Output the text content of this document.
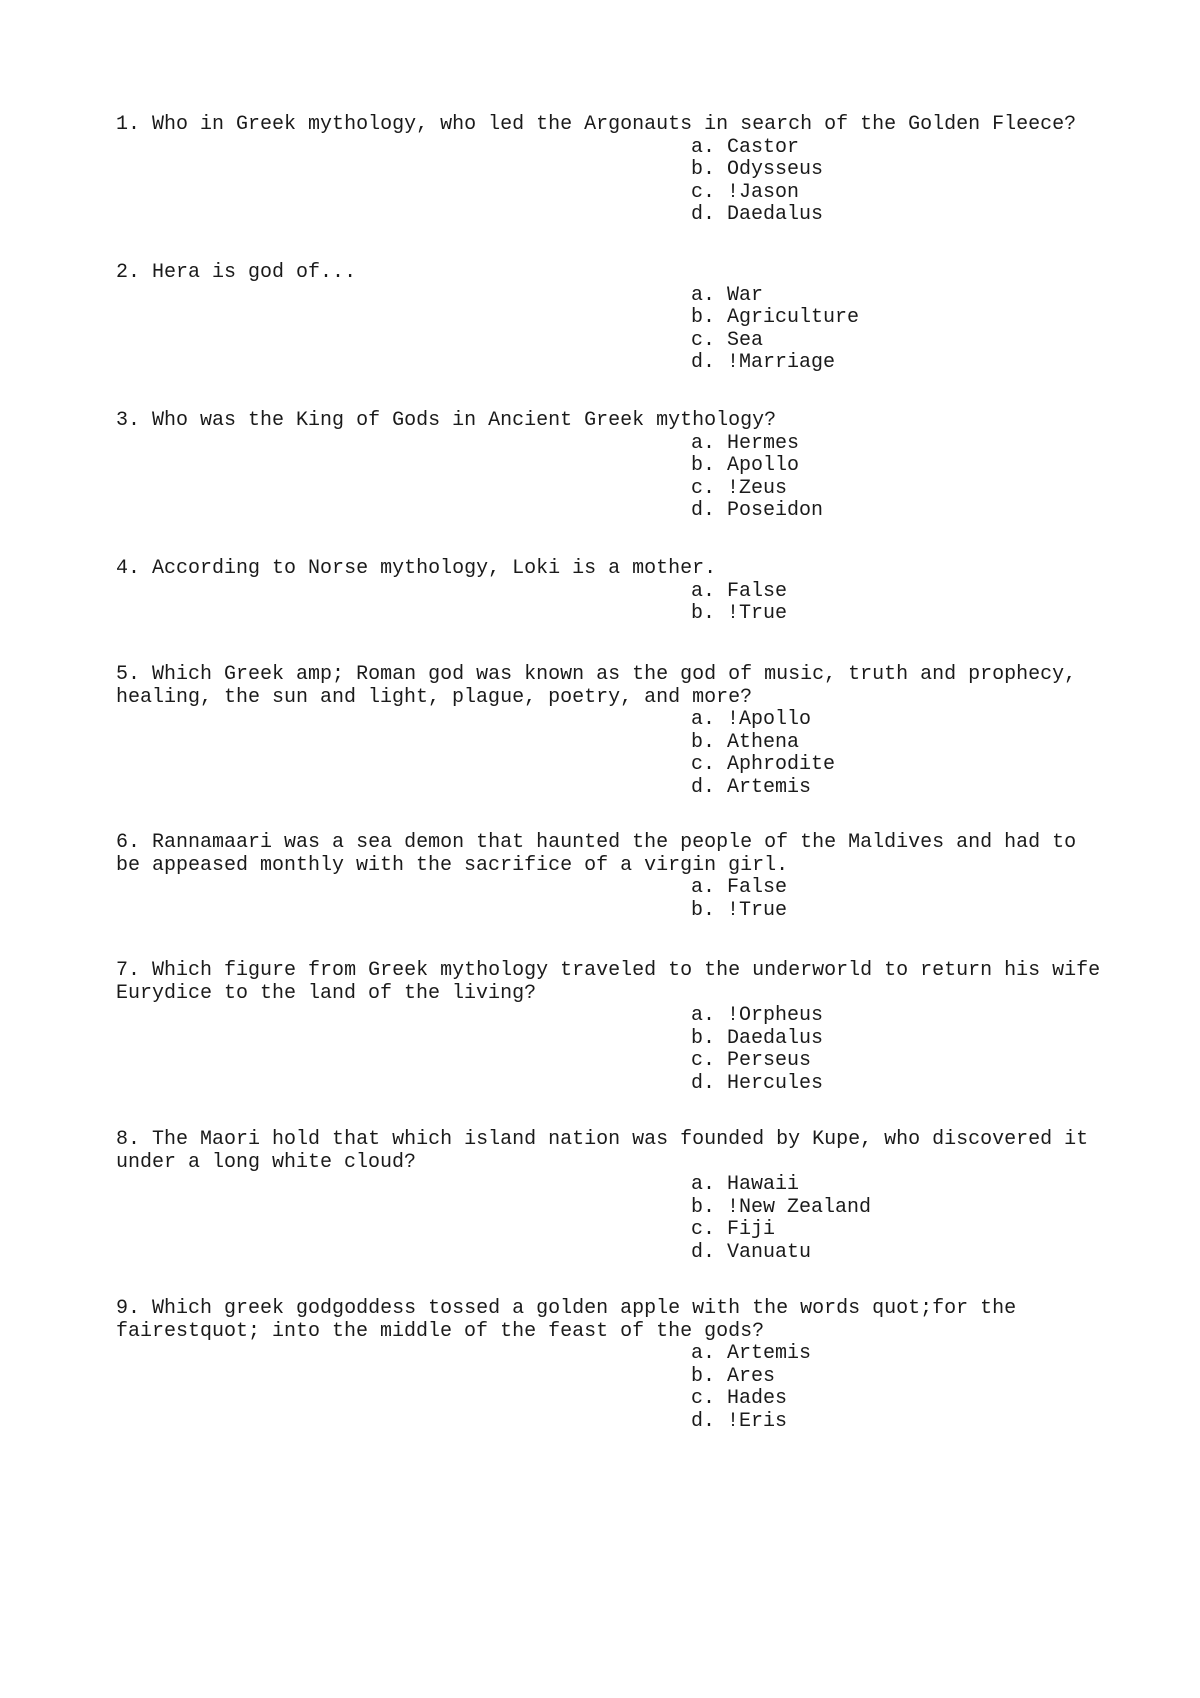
1. Who in Greek mythology, who led the Argonauts in search of the Golden Fleece?

a. Castor
b. Odysseus
c. !Jason
d. Daedalus

2. Hera is god of...

a. War
b. Agriculture
c. Sea
d. !Marriage

3. Who was the King of Gods in Ancient Greek mythology?

a. Hermes
b. Apollo
c. !Zeus
d. Poseidon

4. According to Norse mythology, Loki is a mother.

a. False
b. !True

5. Which Greek amp; Roman god was known as the god of music, truth and prophecy, healing, the sun and light, plague, poetry, and more?

a. !Apollo
b. Athena
c. Aphrodite
d. Artemis

6. Rannamaari was a sea demon that haunted the people of the Maldives and had to be appeased monthly with the sacrifice of a virgin girl.

a. False
b. !True

7. Which figure from Greek mythology traveled to the underworld to return his wife Eurydice to the land of the living?

a. !Orpheus
b. Daedalus
c. Perseus
d. Hercules

8. The Maori hold that which island nation was founded by Kupe, who discovered it under a long white cloud?

a. Hawaii
b. !New Zealand
c. Fiji
d. Vanuatu

9. Which greek godgoddess tossed a golden apple with the words quot;for the fairestquot; into the middle of the feast of the gods?

a. Artemis
b. Ares
c. Hades
d. !Eris
